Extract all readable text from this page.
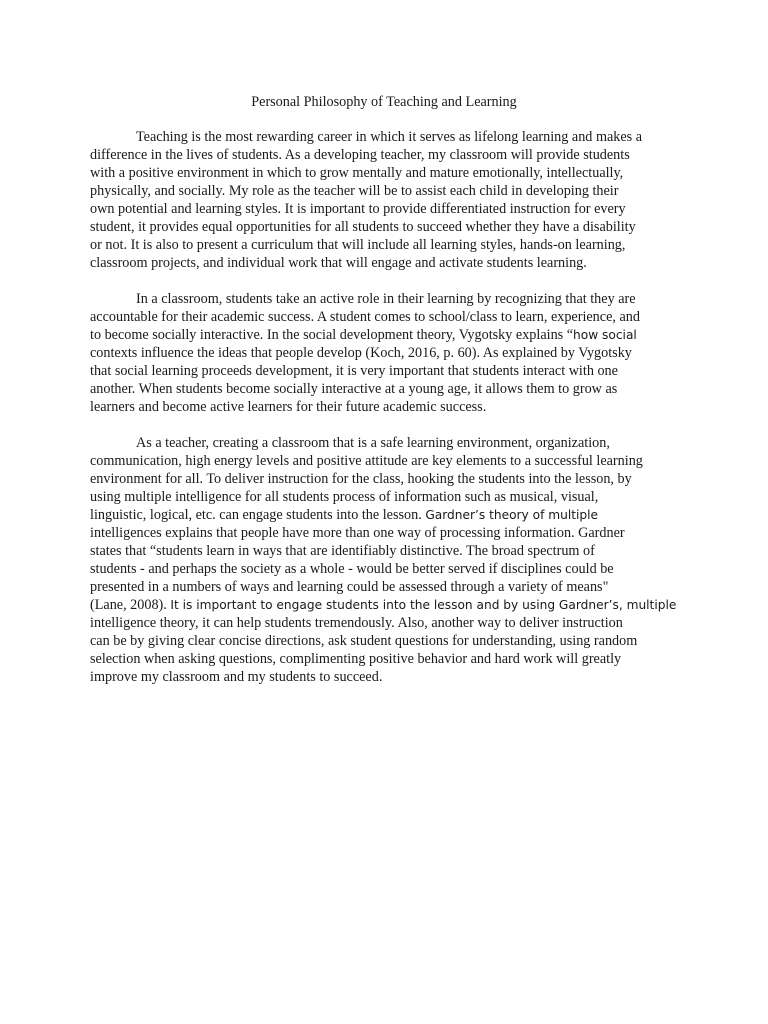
Personal Philosophy of Teaching and Learning
Teaching is the most rewarding career in which it serves as lifelong learning and makes a
difference in the lives of students. As a developing teacher, my classroom will provide students
with a positive environment in which to grow mentally and mature emotionally, intellectually,
physically, and socially. My role as the teacher will be to assist each child in developing their
own potential and learning styles. It is important to provide differentiated instruction for every
student, it provides equal opportunities for all students to succeed whether they have a disability
or not. It is also to present a curriculum that will include all learning styles, hands-on learning,
classroom projects, and individual work that will engage and activate students learning.
In a classroom, students take an active role in their learning by recognizing that they are
accountable for their academic success. A student comes to school/class to learn, experience, and
to become socially interactive. In the social development theory, Vygotsky explains “how social
contexts influence the ideas that people develop (Koch, 2016, p. 60). As explained by Vygotsky
that social learning proceeds development, it is very important that students interact with one
another. When students become socially interactive at a young age, it allows them to grow as
learners and become active learners for their future academic success.
As a teacher, creating a classroom that is a safe learning environment, organization,
communication, high energy levels and positive attitude are key elements to a successful learning
environment for all. To deliver instruction for the class, hooking the students into the lesson, by
using multiple intelligence for all students process of information such as musical, visual,
linguistic, logical, etc. can engage students into the lesson. Gardner’s theory of multiple
intelligences explains that people have more than one way of processing information. Gardner
states that “students learn in ways that are identifiably distinctive. The broad spectrum of
students - and perhaps the society as a whole - would be better served if disciplines could be
presented in a numbers of ways and learning could be assessed through a variety of means"
(Lane, 2008). It is important to engage students into the lesson and by using Gardner’s, multiple
intelligence theory, it can help students tremendously. Also, another way to deliver instruction
can be by giving clear concise directions, ask student questions for understanding, using random
selection when asking questions, complimenting positive behavior and hard work will greatly
improve my classroom and my students to succeed.
